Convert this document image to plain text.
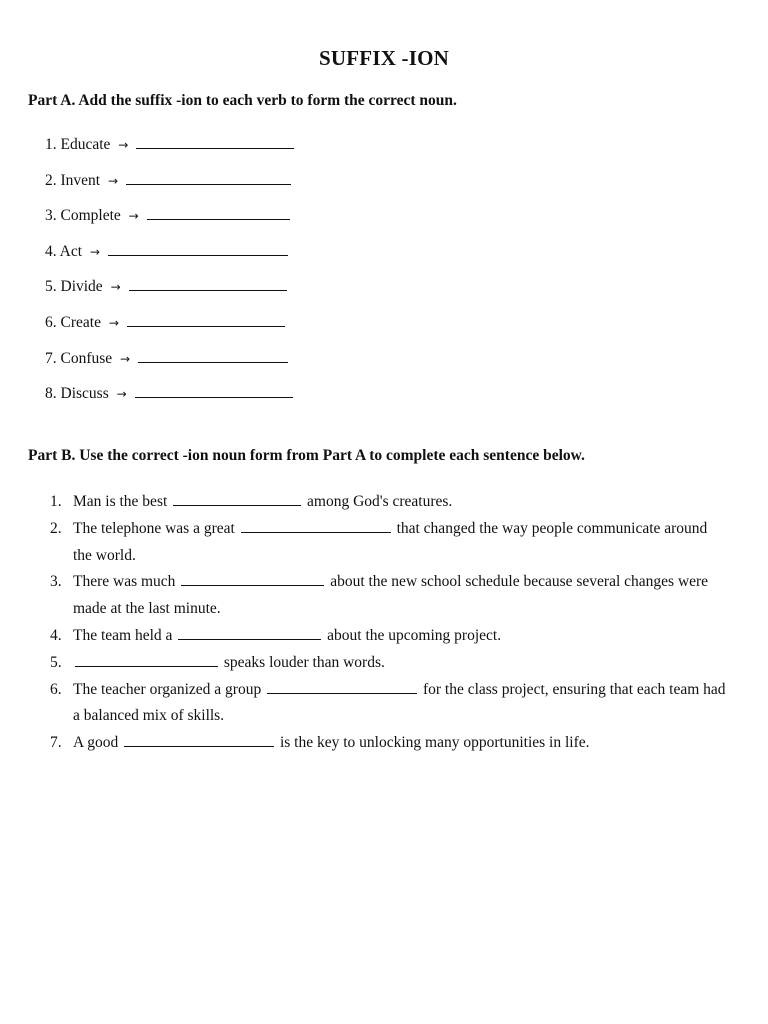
SUFFIX -ION
Part A. Add the suffix -ion to each verb to form the correct noun.
1. Educate →
2. Invent →
3. Complete →
4. Act →
5. Divide →
6. Create →
7. Confuse →
8. Discuss →
Part B. Use the correct -ion noun form from Part A to complete each sentence below.
1. Man is the best	among God's creatures.
2. The telephone was a great	that changed the way people communicate around the world.
3. There was much	about the new school schedule because several changes were made at the last minute.
4. The team held a	about the upcoming project.
5.	speaks louder than words.
6. The teacher organized a group	for the class project, ensuring that each team had a balanced mix of skills.
7. A good	is the key to unlocking many opportunities in life.
